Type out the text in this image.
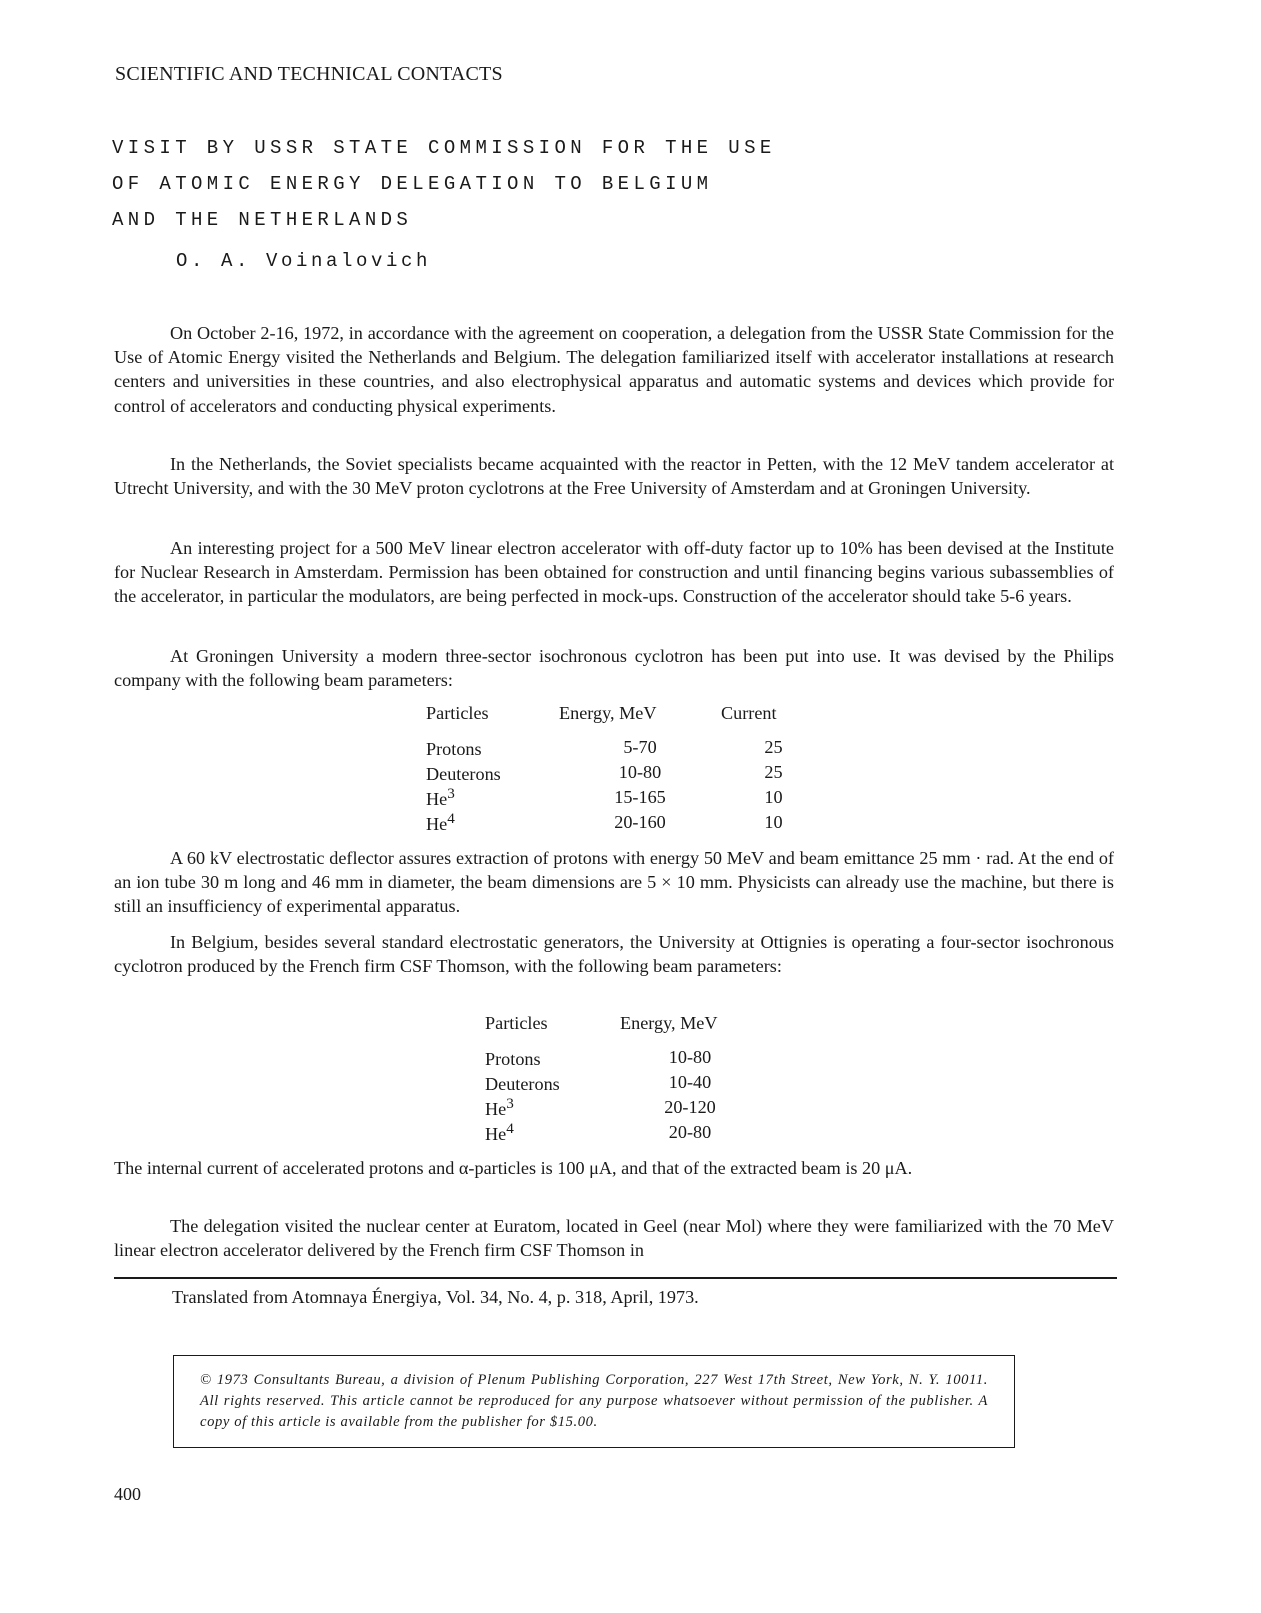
SCIENTIFIC AND TECHNICAL CONTACTS
VISIT BY USSR STATE COMMISSION FOR THE USE
OF ATOMIC ENERGY DELEGATION TO BELGIUM
AND THE NETHERLANDS
O. A. Voinalovich
On October 2-16, 1972, in accordance with the agreement on cooperation, a delegation from the USSR State Commission for the Use of Atomic Energy visited the Netherlands and Belgium. The delegation familiarized itself with accelerator installations at research centers and universities in these countries, and also electrophysical apparatus and automatic systems and devices which provide for control of accelerators and conducting physical experiments.
In the Netherlands, the Soviet specialists became acquainted with the reactor in Petten, with the 12 MeV tandem accelerator at Utrecht University, and with the 30 MeV proton cyclotrons at the Free University of Amsterdam and at Groningen University.
An interesting project for a 500 MeV linear electron accelerator with off-duty factor up to 10% has been devised at the Institute for Nuclear Research in Amsterdam. Permission has been obtained for construction and until financing begins various subassemblies of the accelerator, in particular the modulators, are being perfected in mock-ups. Construction of the accelerator should take 5-6 years.
At Groningen University a modern three-sector isochronous cyclotron has been put into use. It was devised by the Philips company with the following beam parameters:
Particles	Energy, MeV	Current
Protons	5-70	25
Deuterons	10-80	25
He$^3$	15-165	10
He$^4$	20-160	10
A 60 kV electrostatic deflector assures extraction of protons with energy 50 MeV and beam emittance 25 mm · rad. At the end of an ion tube 30 m long and 46 mm in diameter, the beam dimensions are 5 × 10 mm. Physicists can already use the machine, but there is still an insufficiency of experimental apparatus.
In Belgium, besides several standard electrostatic generators, the University at Ottignies is operating a four-sector isochronous cyclotron produced by the French firm CSF Thomson, with the following beam parameters:
Particles	Energy, MeV
Protons	10-80
Deuterons	10-40
He$^3$	20-120
He$^4$	20-80
The internal current of accelerated protons and α-particles is 100 μA, and that of the extracted beam is 20 μA.
The delegation visited the nuclear center at Euratom, located in Geel (near Mol) where they were familiarized with the 70 MeV linear electron accelerator delivered by the French firm CSF Thomson in
Translated from Atomnaya Énergiya, Vol. 34, No. 4, p. 318, April, 1973.
© 1973 Consultants Bureau, a division of Plenum Publishing Corporation, 227 West 17th Street, New York, N. Y. 10011. All rights reserved. This article cannot be reproduced for any purpose whatsoever without permission of the publisher. A copy of this article is available from the publisher for $15.00.
400
